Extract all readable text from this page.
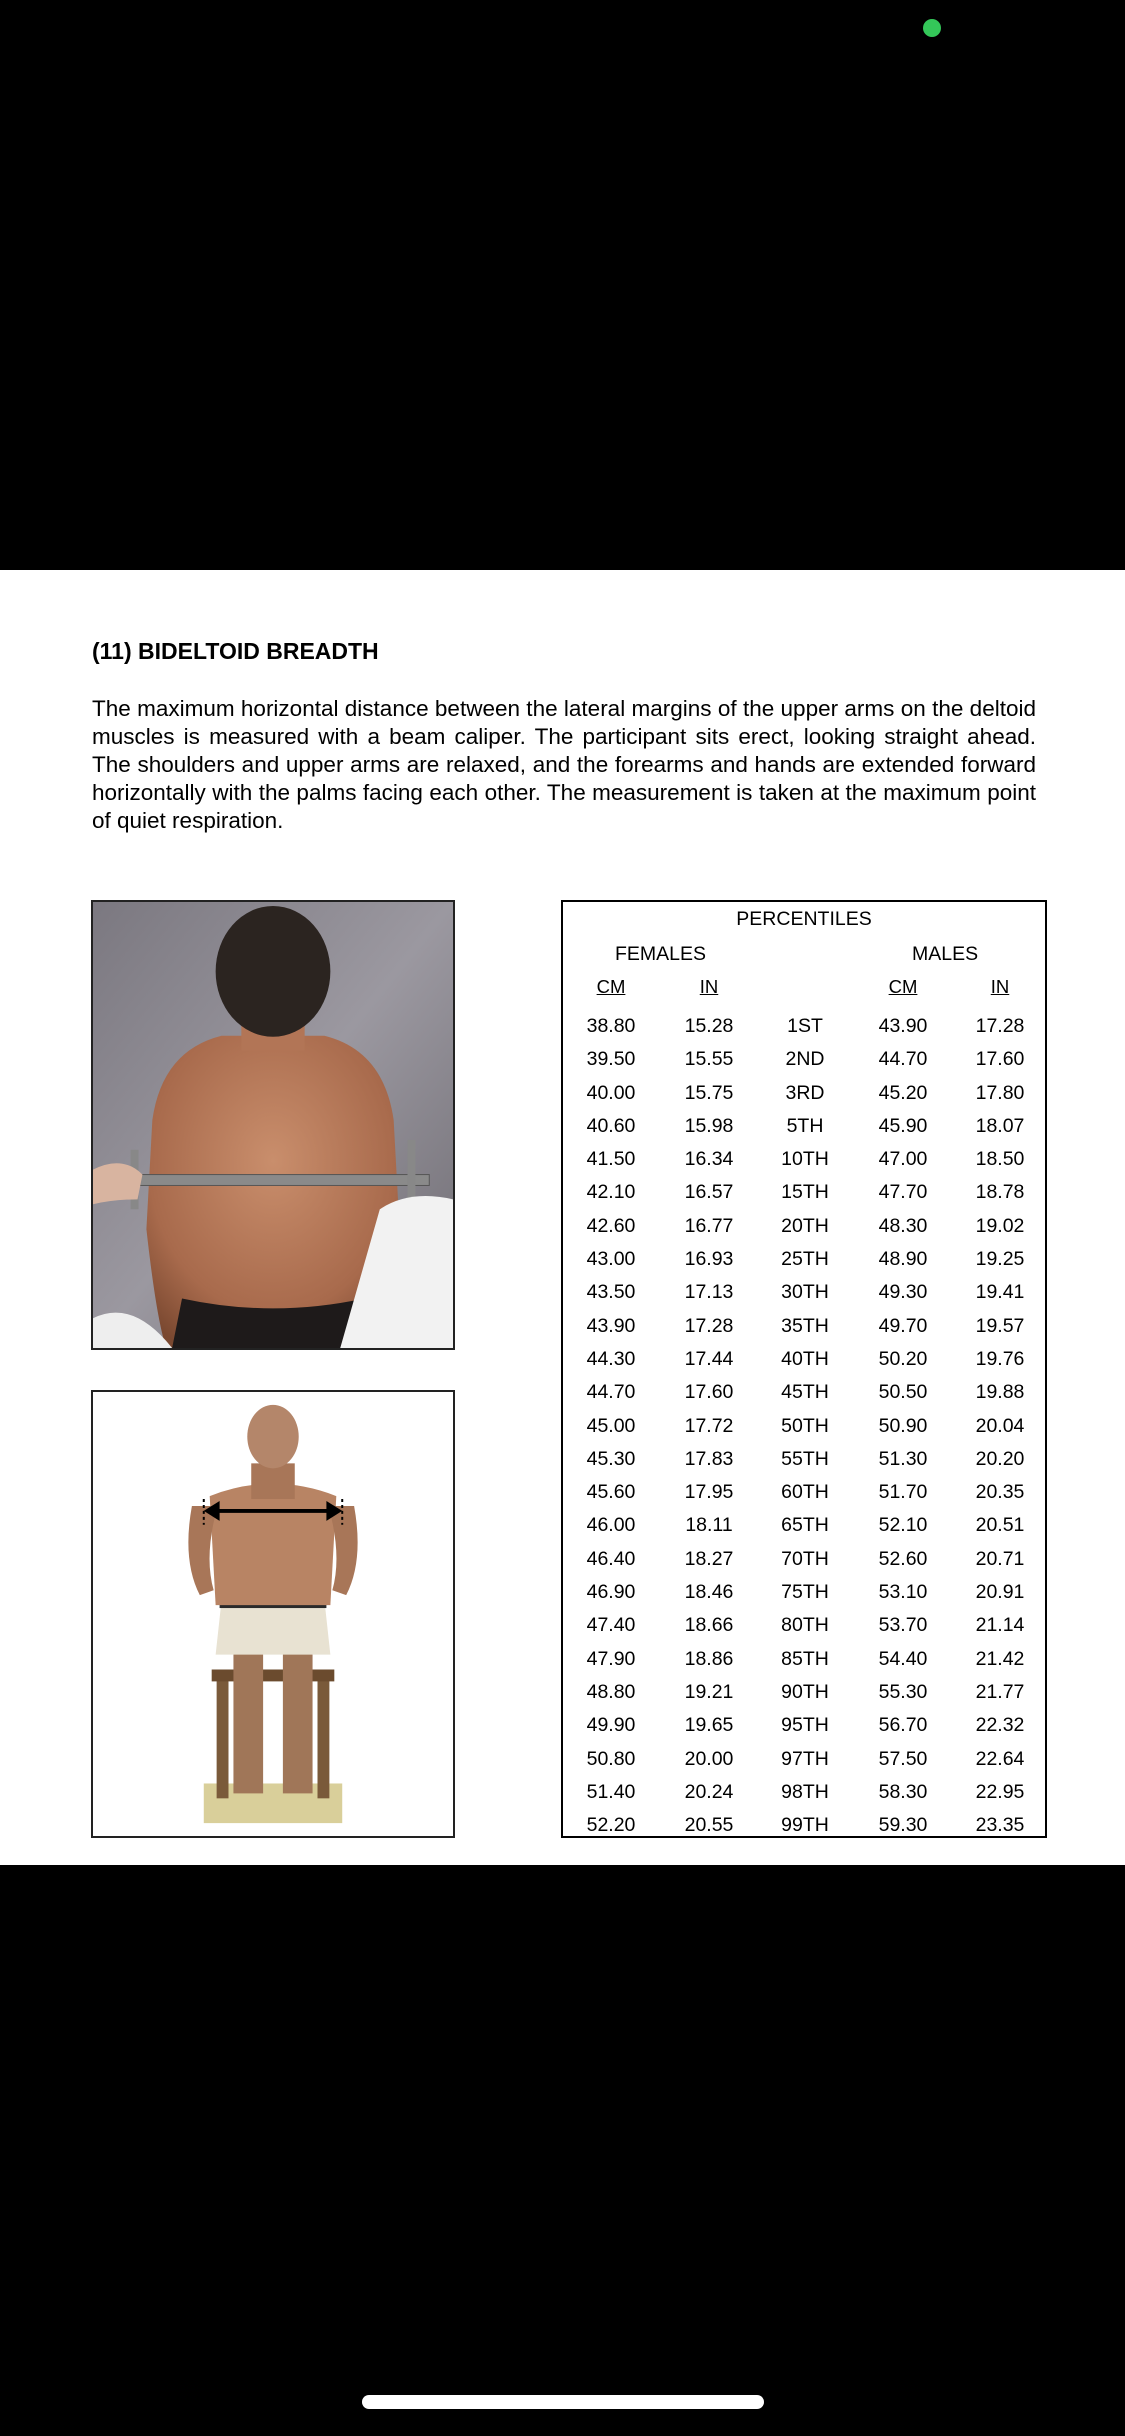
(11) BIDELTOID BREADTH

The maximum horizontal distance between the lateral margins of the upper arms on the deltoid muscles is measured with a beam caliper. The participant sits erect, looking straight ahead. The shoulders and upper arms are relaxed, and the forearms and hands are extended forward horizontally with the palms facing each other. The measurement is taken at the maximum point of quiet respiration.

PERCENTILES
FEMALES	MALES
CM	IN	CM	IN
38.80	15.28	1ST	43.90 17.28
39.50	15.55	2ND	44.70 17.60
40.00	15.75	3RD	45.20 17.80
40.60	15.98	5TH	45.90 18.07
41.50	16.34 10TH	47.00 18.50
42.10	16.57 15TH	47.70 18.78
42.60	16.77 20TH	48.30 19.02
43.00	16.93 25TH	48.90 19.25
43.50	17.13 30TH	49.30 19.41
43.90	17.28 35TH	49.70 19.57
44.30	17.44 40TH	50.20 19.76
44.70	17.60 45TH	50.50 19.88
45.00	17.72 50TH	50.90 20.04
45.30	17.83 55TH	51.30 20.20
45.60	17.95 60TH	51.70 20.35
46.00	18.11 65TH	52.10 20.51
46.40	18.27 70TH	52.60 20.71
46.90	18.46 75TH	53.10 20.91
47.40	18.66 80TH	53.70 21.14
47.90	18.86 85TH	54.40 21.42
48.80	19.21 90TH	55.30 21.77
49.90	19.65 95TH	56.70 22.32
50.80	20.00 97TH	57.50 22.64
51.40	20.24 98TH	58.30 22.95
52.20	20.55 99TH	59.30 23.35
